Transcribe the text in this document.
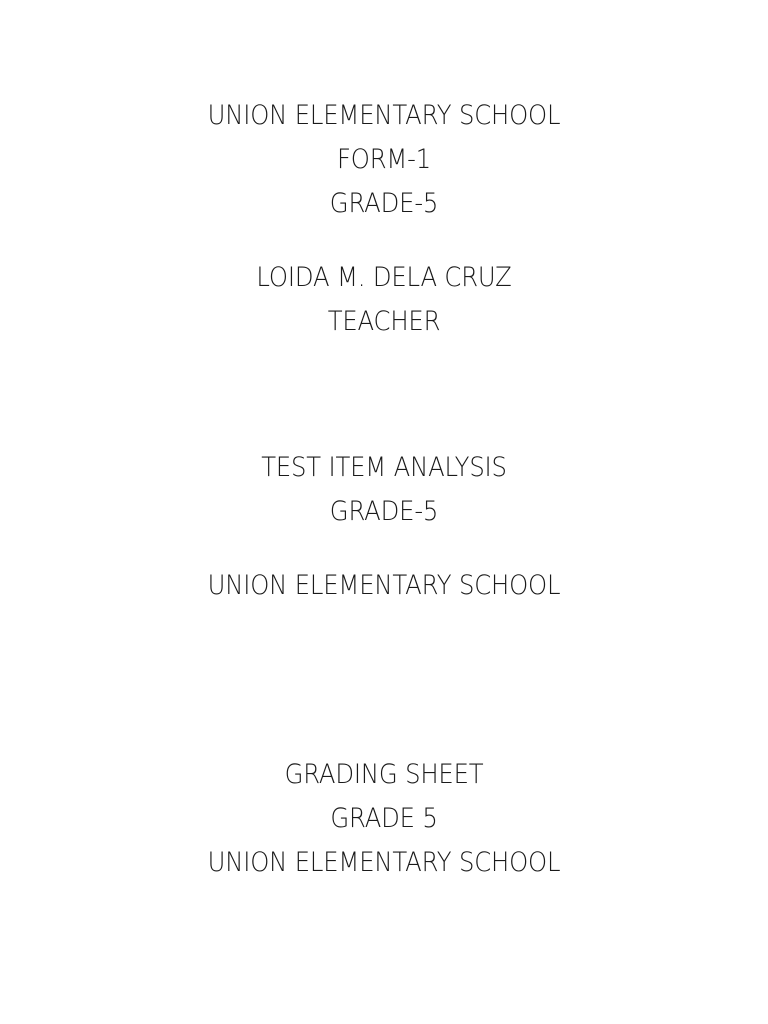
UNION ELEMENTARY SCHOOL
FORM-1
GRADE-5
LOIDA M. DELA CRUZ
TEACHER
TEST ITEM ANALYSIS
GRADE-5
UNION ELEMENTARY SCHOOL
GRADING SHEET
GRADE 5
UNION ELEMENTARY SCHOOL
